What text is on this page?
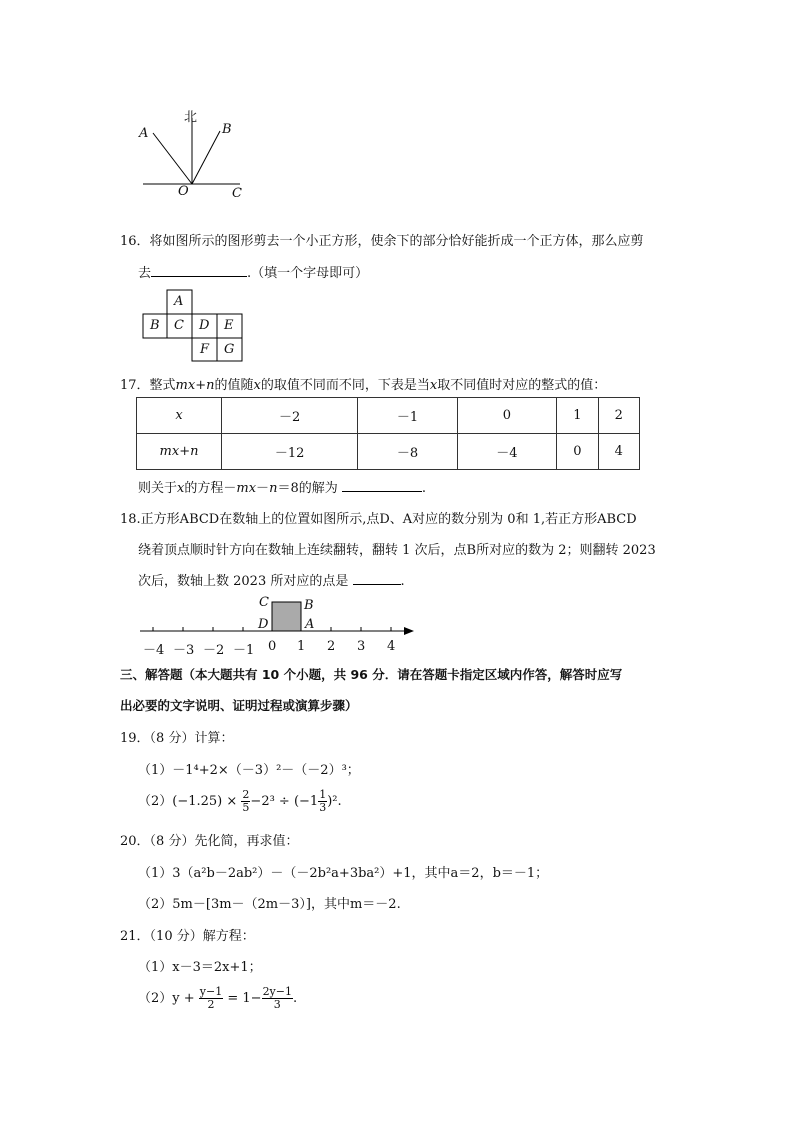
北
A	B
O	C
16．将如图所示的图形剪去一个小正方形，使余下的部分恰好能折成一个正方体，那么应剪
去	.（填一个字母即可）
A
B C D E
F G
17．整式mx+n的值随x的取值不同而不同，下表是当x取不同值时对应的整式的值：
x	－2	－1	0	1	2
mx+n	－12	－8	－4	0	4
则关于x的方程－mx－n＝8的解为	.
18.正方形ABCD在数轴上的位置如图所示,点D、A对应的数分别为 0和 1,若正方形ABCD
绕着顶点顺时针方向在数轴上连续翻转，翻转 1 次后，点B所对应的数为 2；则翻转 2023
次后，数轴上数 2023 所对应的点是	.
C	B
D	A
－4 －3 －2 －1 0 1 2 3 4
三、解答题（本大题共有 10 个小题，共 96 分．请在答题卡指定区域内作答，解答时应写
出必要的文字说明、证明过程或演算步骤）
19．（8 分）计算：
（1）－1⁴+2×（－3）²－（－2）³；
$(2)(-1.25) \times \frac{2}{5} -2^3 \div (-1 \frac{1}{3} )^2$.
20．（8 分）先化简，再求值：
（1）3（a²b－2ab²）－（－2b²a+3ba²）+1，其中a＝2，b＝－1；
（2）5m－[3m－（2m－3）]，其中m＝－2.
21．（10 分）解方程：
（1）x－3＝2x+1；
$(2)y + \frac{y-1}{2} = 1- \frac{2y-1}{3}$ .
